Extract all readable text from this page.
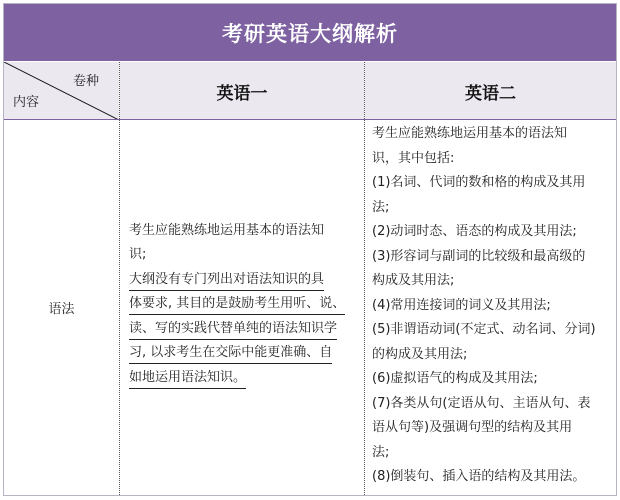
考研英语大纲解析
卷种
内容	英语一	英语二
语法
考生应能熟练地运用基本的语法知
识;
大纲没有专门列出对语法知识的具
体要求, 其目的是鼓励考生用听、说、
读、写的实践代替单纯的语法知识学
习, 以求考生在交际中能更准确、自
如地运用语法知识。
考生应能熟练地运用基本的语法知
识，其中包括:
(1)名词、代词的数和格的构成及其用
法;
(2)动词时态、语态的构成及其用法;
(3)形容词与副词的比较级和最高级的
构成及其用法;
(4)常用连接词的词义及其用法;
(5)非谓语动词(不定式、动名词、分词)
的构成及其用法;
(6)虚拟语气的构成及其用法;
(7)各类从句(定语从句、主语从句、表
语从句等)及强调句型的结构及其用
法;
(8)倒装句、插入语的结构及其用法。
